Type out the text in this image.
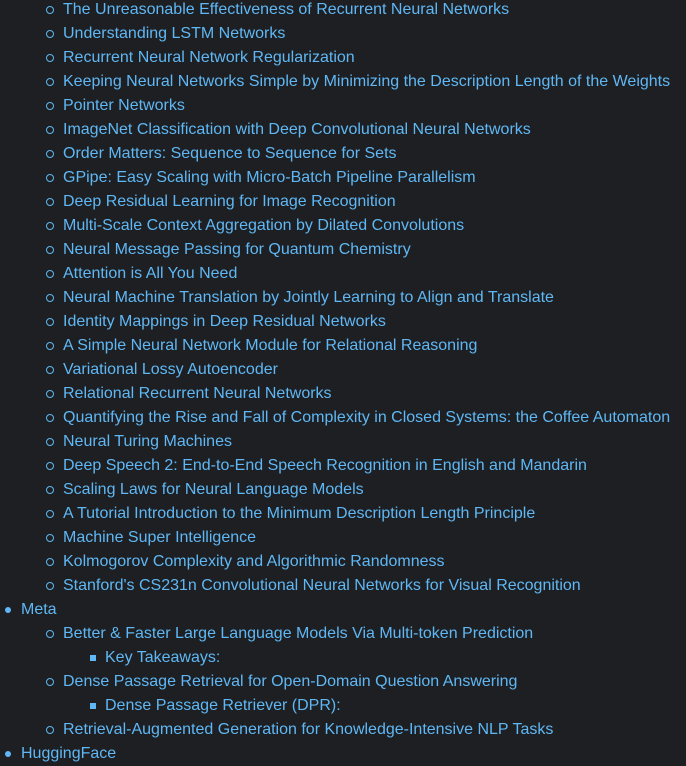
The Unreasonable Effectiveness of Recurrent Neural Networks
Understanding LSTM Networks
Recurrent Neural Network Regularization
Keeping Neural Networks Simple by Minimizing the Description Length of the Weights
Pointer Networks
ImageNet Classification with Deep Convolutional Neural Networks
Order Matters: Sequence to Sequence for Sets
GPipe: Easy Scaling with Micro-Batch Pipeline Parallelism
Deep Residual Learning for Image Recognition
Multi-Scale Context Aggregation by Dilated Convolutions
Neural Message Passing for Quantum Chemistry
Attention is All You Need
Neural Machine Translation by Jointly Learning to Align and Translate
Identity Mappings in Deep Residual Networks
A Simple Neural Network Module for Relational Reasoning
Variational Lossy Autoencoder
Relational Recurrent Neural Networks
Quantifying the Rise and Fall of Complexity in Closed Systems: the Coffee Automaton
Neural Turing Machines
Deep Speech 2: End-to-End Speech Recognition in English and Mandarin
Scaling Laws for Neural Language Models
A Tutorial Introduction to the Minimum Description Length Principle
Machine Super Intelligence
Kolmogorov Complexity and Algorithmic Randomness
Stanford's CS231n Convolutional Neural Networks for Visual Recognition
Meta
Better & Faster Large Language Models Via Multi-token Prediction
Key Takeaways:
Dense Passage Retrieval for Open-Domain Question Answering
Dense Passage Retriever (DPR):
Retrieval-Augmented Generation for Knowledge-Intensive NLP Tasks
HuggingFace
